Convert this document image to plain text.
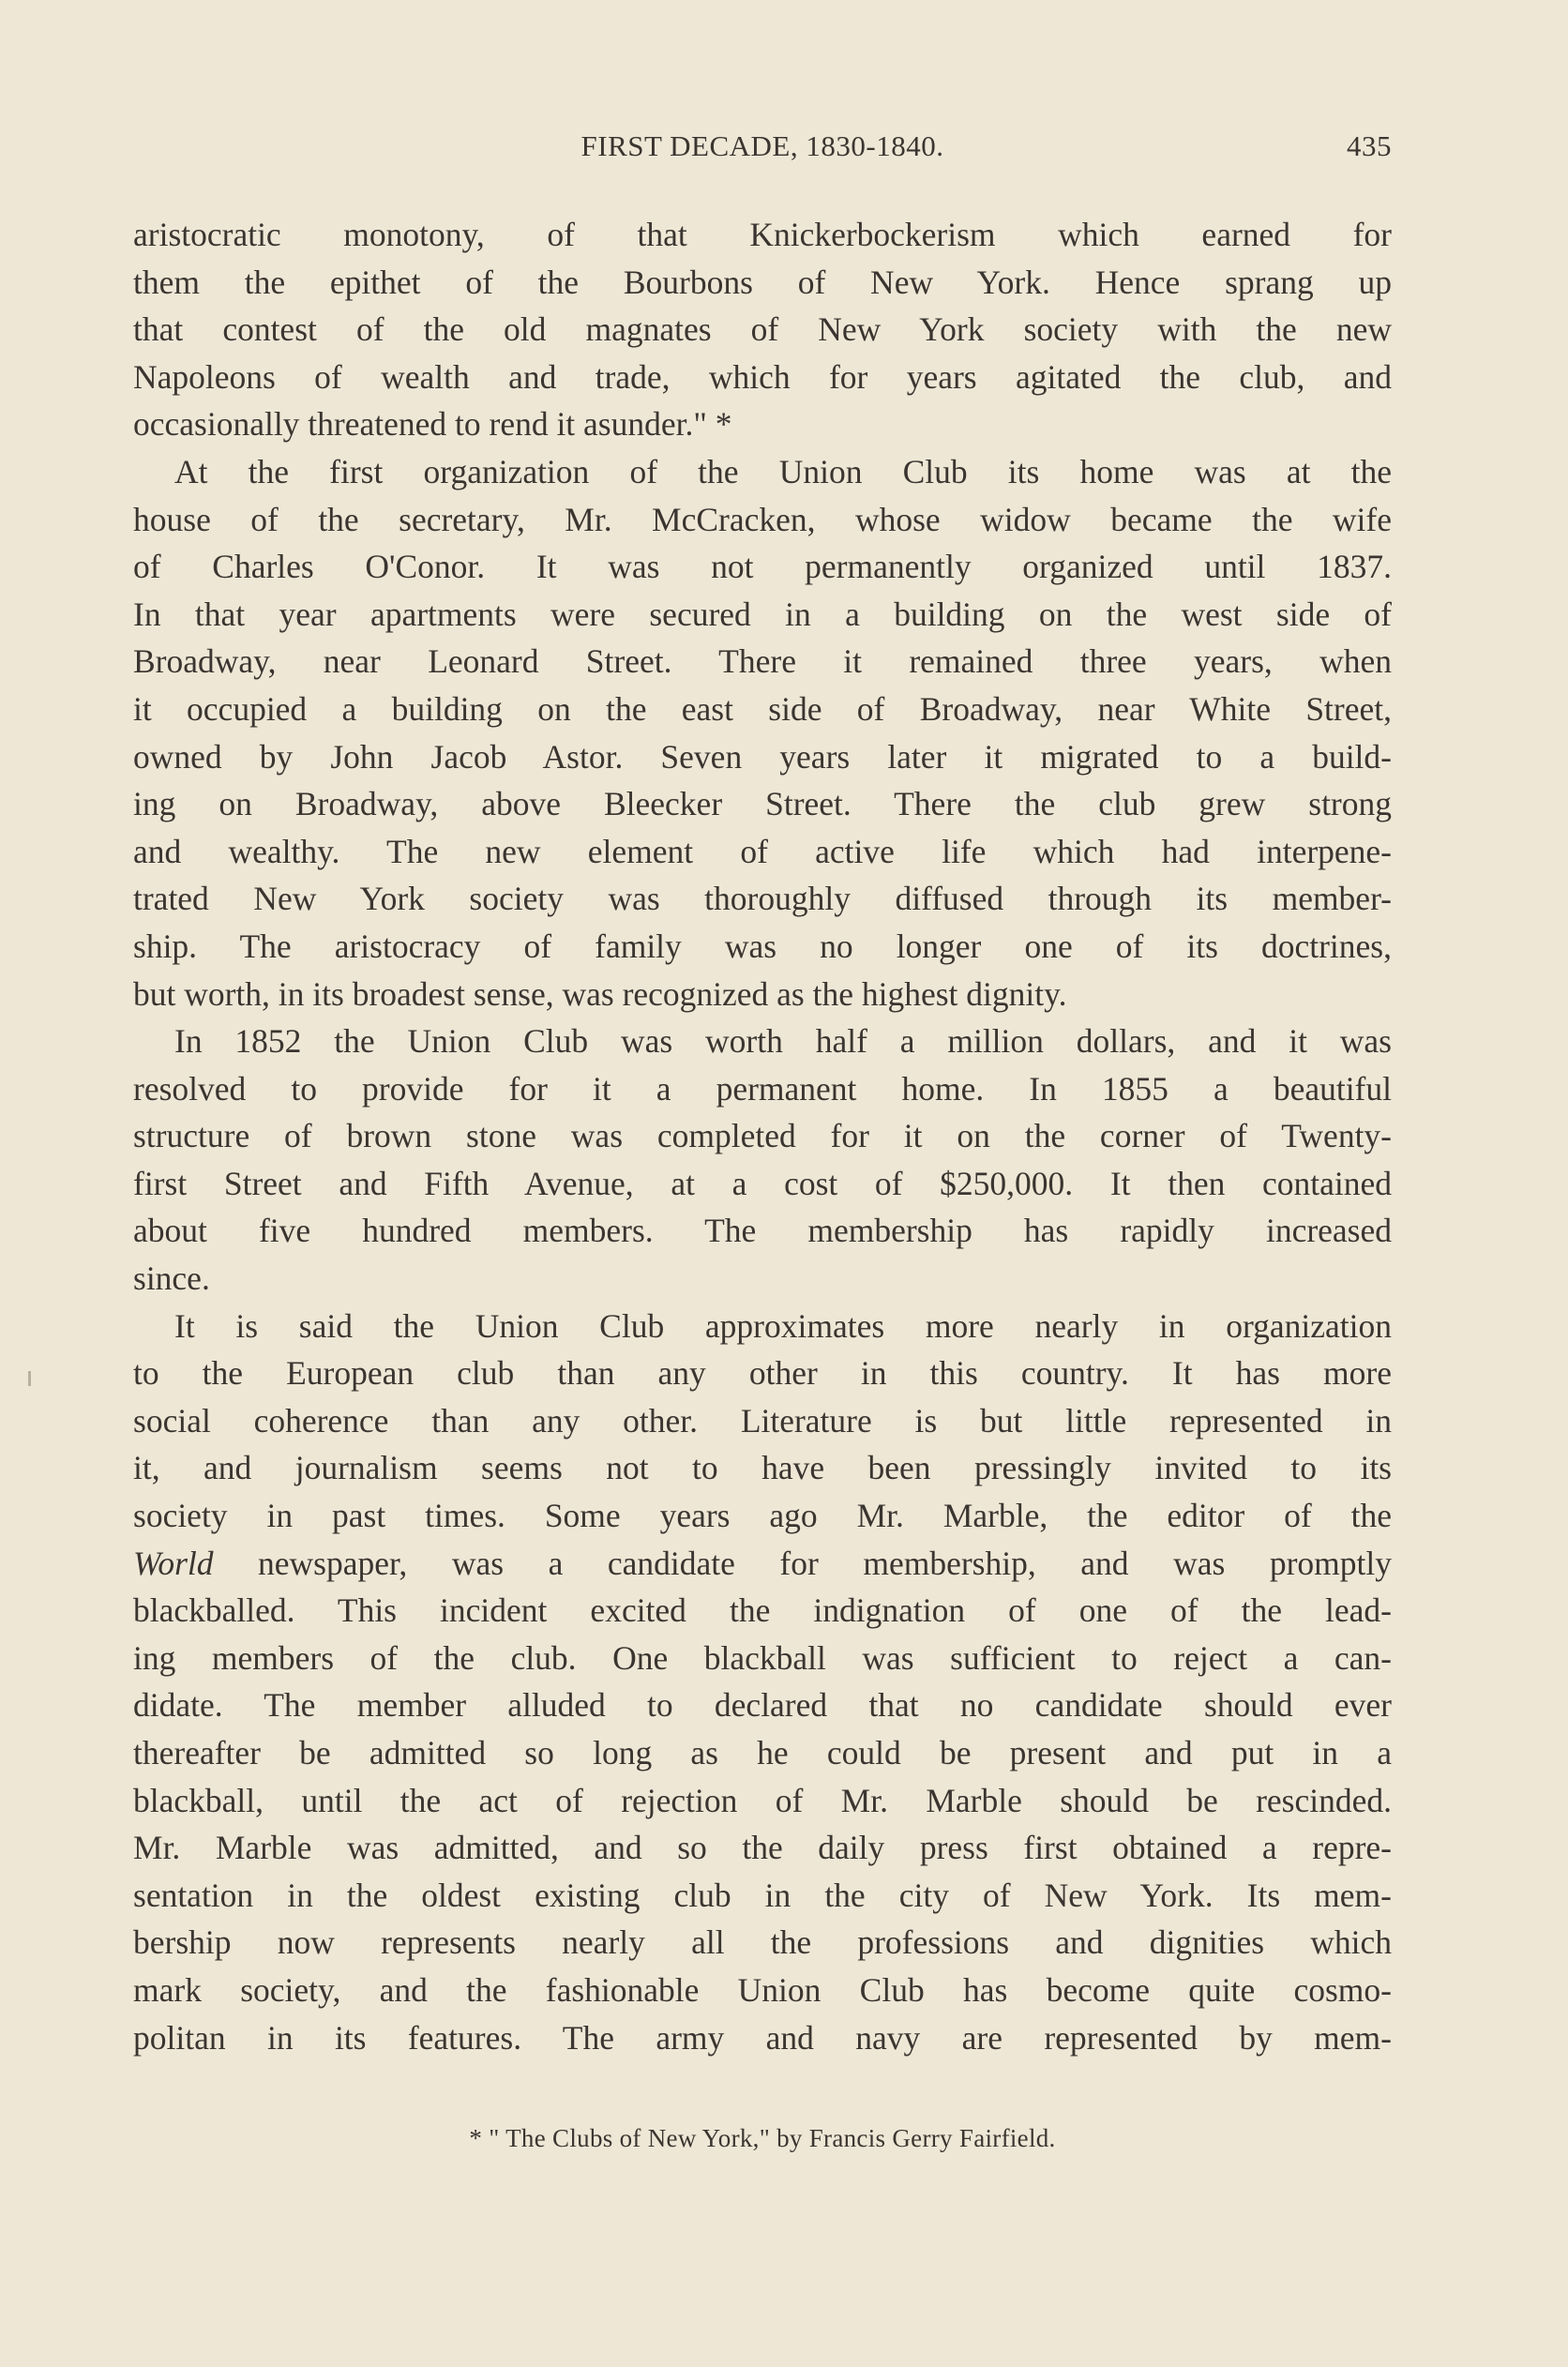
FIRST DECADE, 1830-1840.	435
aristocratic monotony, of that Knickerbockerism which earned for
them the epithet of the Bourbons of New York. Hence sprang up
that contest of the old magnates of New York society with the new
Napoleons of wealth and trade, which for years agitated the club, and
occasionally threatened to rend it asunder." *
At the first organization of the Union Club its home was at the
house of the secretary, Mr. McCracken, whose widow became the wife
of Charles O'Conor. It was not permanently organized until 1837.
In that year apartments were secured in a building on the west side of
Broadway, near Leonard Street. There it remained three years, when
it occupied a building on the east side of Broadway, near White Street,
owned by John Jacob Astor. Seven years later it migrated to a build-
ing on Broadway, above Bleecker Street. There the club grew strong
and wealthy. The new element of active life which had interpene-
trated New York society was thoroughly diffused through its member-
ship. The aristocracy of family was no longer one of its doctrines,
but worth, in its broadest sense, was recognized as the highest dignity.
In 1852 the Union Club was worth half a million dollars, and it was
resolved to provide for it a permanent home. In 1855 a beautiful
structure of brown stone was completed for it on the corner of Twenty-
first Street and Fifth Avenue, at a cost of $250,000. It then contained
about five hundred members. The membership has rapidly increased
since.
It is said the Union Club approximates more nearly in organization
to the European club than any other in this country. It has more
social coherence than any other. Literature is but little represented in
it, and journalism seems not to have been pressingly invited to its
society in past times. Some years ago Mr. Marble, the editor of the
World newspaper, was a candidate for membership, and was promptly
blackballed. This incident excited the indignation of one of the lead-
ing members of the club. One blackball was sufficient to reject a can-
didate. The member alluded to declared that no candidate should ever
thereafter be admitted so long as he could be present and put in a
blackball, until the act of rejection of Mr. Marble should be rescinded.
Mr. Marble was admitted, and so the daily press first obtained a repre-
sentation in the oldest existing club in the city of New York. Its mem-
bership now represents nearly all the professions and dignities which
mark society, and the fashionable Union Club has become quite cosmo-
politan in its features. The army and navy are represented by mem-
* " The Clubs of New York," by Francis Gerry Fairfield.
